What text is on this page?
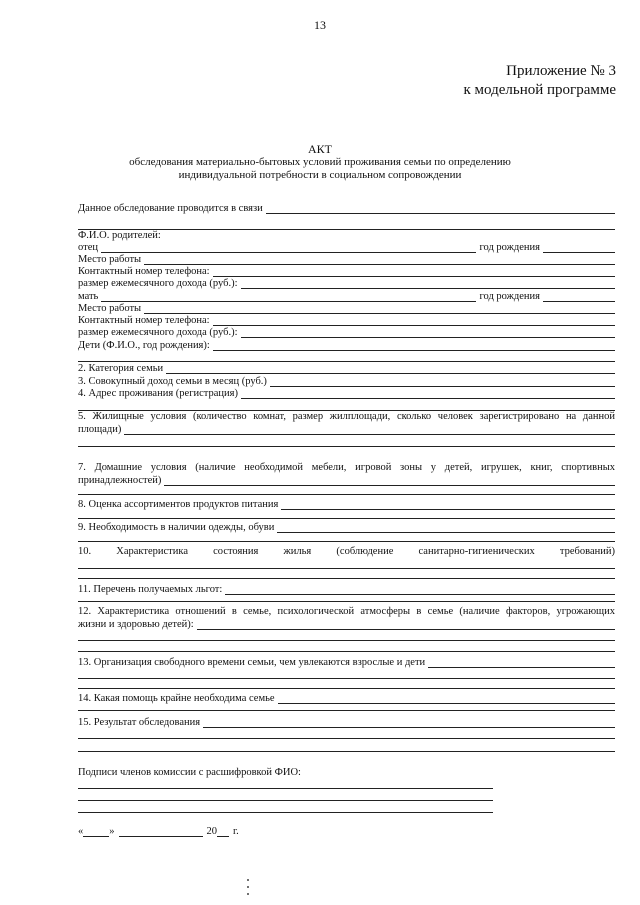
13
Приложение № 3
к модельной программе
АКТ
обследования материально-бытовых условий проживания семьи по определению
индивидуальной потребности в социальном сопровождении
Данное обследование проводится в связи
Ф.И.О. родителей:
отец	год рождения
Место работы
Контактный номер телефона:
размер ежемесячного дохода (руб.):
мать	год рождения
Место работы
Контактный номер телефона:
размер ежемесячного дохода (руб.):
Дети (Ф.И.О., год рождения):
2. Категория семьи
3. Совокупный доход семьи в месяц (руб.)
4. Адрес проживания (регистрация)
5. Жилищные условия (количество комнат, размер жилплощади, сколько человек зарегистрировано на данной
площади)
7. Домашние условия (наличие необходимой мебели, игровой зоны у детей, игрушек, книг, спортивных
принадлежностей)
8. Оценка ассортиментов продуктов питания
9. Необходимость в наличии одежды, обуви
10. Характеристика состояния жилья (соблюдение санитарно-гигиенических требований)
11. Перечень получаемых льгот:
12. Характеристика отношений в семье, психологической атмосферы в семье (наличие факторов, угрожающих
жизни и здоровью детей):
13. Организация свободного времени семьи, чем увлекаются взрослые и дети
14. Какая помощь крайне необходима семье
15. Результат обследования
Подписи членов комиссии с расшифровкой ФИО:
« »	20 г.
